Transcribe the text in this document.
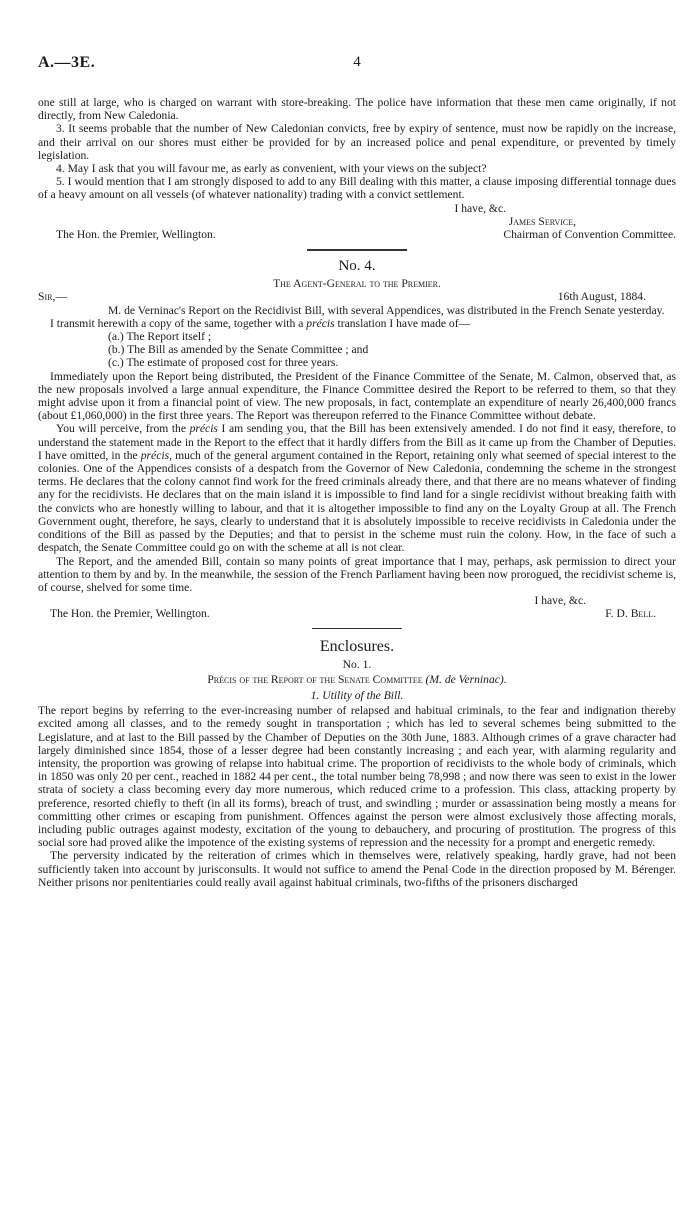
A.—3E.	4

one still at large, who is charged on warrant with store-breaking. The police have information that these men came originally, if not directly, from New Caledonia.

3. It seems probable that the number of New Caledonian convicts, free by expiry of sentence, must now be rapidly on the increase, and their arrival on our shores must either be provided for by an increased police and penal expenditure, or prevented by timely legislation.

4. May I ask that you will favour me, as early as convenient, with your views on the subject?

5. I would mention that I am strongly disposed to add to any Bill dealing with this matter, a clause imposing differential tonnage dues of a heavy amount on all vessels (of whatever nationality) trading with a convict settlement.

I have, &c.
James Service,
The Hon. the Premier, Wellington.	Chairman of Convention Committee.
No. 4.
The Agent-General to the Premier.
Sir,—	16th August, 1884.

M. de Verninac's Report on the Recidivist Bill, with several Appendices, was distributed in the French Senate yesterday.

I transmit herewith a copy of the same, together with a précis translation I have made of—

(a.) The Report itself ;
(b.) The Bill as amended by the Senate Committee ; and
(c.) The estimate of proposed cost for three years.

Immediately upon the Report being distributed, the President of the Finance Committee of the Senate, M. Calmon, observed that, as the new proposals involved a large annual expenditure, the Finance Committee desired the Report to be referred to them, so that they might advise upon it from a financial point of view. The new proposals, in fact, contemplate an expenditure of nearly 26,400,000 francs (about £1,060,000) in the first three years. The Report was thereupon referred to the Finance Committee without debate.

You will perceive, from the précis I am sending you, that the Bill has been extensively amended. I do not find it easy, therefore, to understand the statement made in the Report to the effect that it hardly differs from the Bill as it came up from the Chamber of Deputies. I have omitted, in the précis, much of the general argument contained in the Report, retaining only what seemed of special interest to the colonies. One of the Appendices consists of a despatch from the Governor of New Caledonia, condemning the scheme in the strongest terms. He declares that the colony cannot find work for the freed criminals already there, and that there are no means whatever of finding any for the recidivists. He declares that on the main island it is impossible to find land for a single recidivist without breaking faith with the convicts who are honestly willing to labour, and that it is altogether impossible to find any on the Loyalty Group at all. The French Government ought, therefore, he says, clearly to understand that it is absolutely impossible to receive recidivists in Caledonia under the conditions of the Bill as passed by the Deputies; and that to persist in the scheme must ruin the colony. How, in the face of such a despatch, the Senate Committee could go on with the scheme at all is not clear.

The Report, and the amended Bill, contain so many points of great importance that I may, perhaps, ask permission to direct your attention to them by and by. In the meanwhile, the session of the French Parliament having been now prorogued, the recidivist scheme is, of course, shelved for some time.

I have, &c.
The Hon. the Premier, Wellington.	F. D. Bell.
Enclosures.
No. 1.
Précis of the Report of the Senate Committee (M. de Verninac).
1. Utility of the Bill.

The report begins by referring to the ever-increasing number of relapsed and habitual criminals, to the fear and indignation thereby excited among all classes, and to the remedy sought in transportation ; which has led to several schemes being submitted to the Legislature, and at last to the Bill passed by the Chamber of Deputies on the 30th June, 1883. Although crimes of a grave character had largely diminished since 1854, those of a lesser degree had been constantly increasing ; and each year, with alarming regularity and intensity, the proportion was growing of relapse into habitual crime. The proportion of recidivists to the whole body of criminals, which in 1850 was only 20 per cent., reached in 1882 44 per cent., the total number being 78,998 ; and now there was seen to exist in the lower strata of society a class becoming every day more numerous, which reduced crime to a profession. This class, attacking property by preference, resorted chiefly to theft (in all its forms), breach of trust, and swindling ; murder or assassination being mostly a means for committing other crimes or escaping from punishment. Offences against the person were almost exclusively those affecting morals, including public outrages against modesty, excitation of the young to debauchery, and procuring of prostitution. The progress of this social sore had proved alike the impotence of the existing systems of repression and the necessity for a prompt and energetic remedy.

The perversity indicated by the reiteration of crimes which in themselves were, relatively speaking, hardly grave, had not been sufficiently taken into account by jurisconsults. It would not suffice to amend the Penal Code in the direction proposed by M. Bérenger. Neither prisons nor penitentiaries could really avail against habitual criminals, two-fifths of the prisoners discharged
